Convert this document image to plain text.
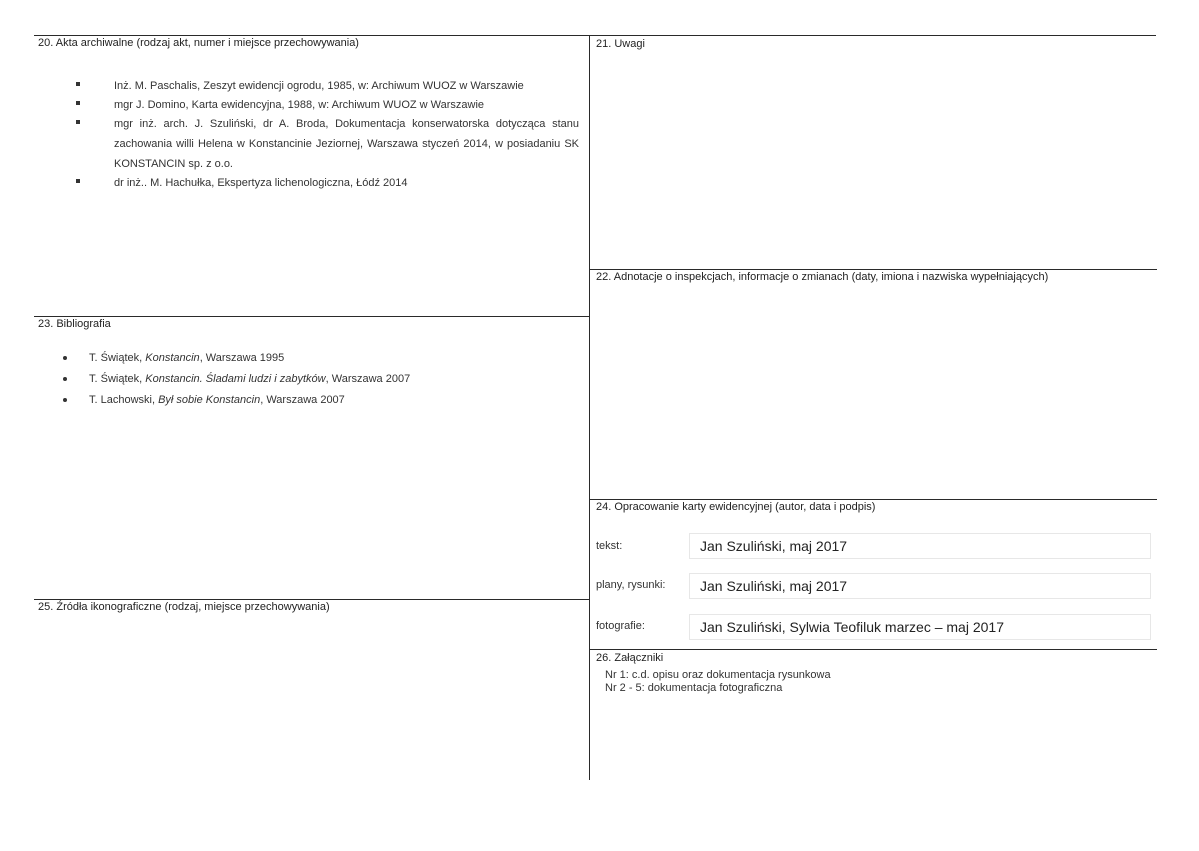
20. Akta archiwalne (rodzaj akt, numer i miejsce przechowywania)
Inż. M. Paschalis, Zeszyt ewidencji ogrodu, 1985, w: Archiwum WUOZ w Warszawie
mgr J. Domino, Karta ewidencyjna, 1988, w: Archiwum WUOZ w Warszawie
mgr inż. arch. J. Szuliński, dr A. Broda, Dokumentacja konserwatorska dotycząca stanu zachowania willi Helena w Konstancinie Jeziornej, Warszawa styczeń 2014, w posiadaniu SK KONSTANCIN sp. z o.o.
dr inż.. M. Hachułka, Ekspertyza lichenologiczna, Łódź 2014
21. Uwagi
22. Adnotacje o inspekcjach, informacje o zmianach (daty, imiona i nazwiska wypełniających)
23. Bibliografia
T. Świątek, Konstancin, Warszawa 1995
T. Świątek, Konstancin. Śladami ludzi i zabytków, Warszawa 2007
T. Lachowski, Był sobie Konstancin, Warszawa 2007
24. Opracowanie karty ewidencyjnej (autor, data i podpis)
tekst:	Jan Szuliński, maj 2017
plany, rysunki:	Jan Szuliński, maj 2017
fotografie:	Jan Szuliński, Sylwia Teofiluk marzec – maj 2017
25. Źródła ikonograficzne (rodzaj, miejsce przechowywania)
26. Załączniki
Nr 1: c.d. opisu oraz dokumentacja rysunkowa
Nr 2 - 5: dokumentacja fotograficzna
